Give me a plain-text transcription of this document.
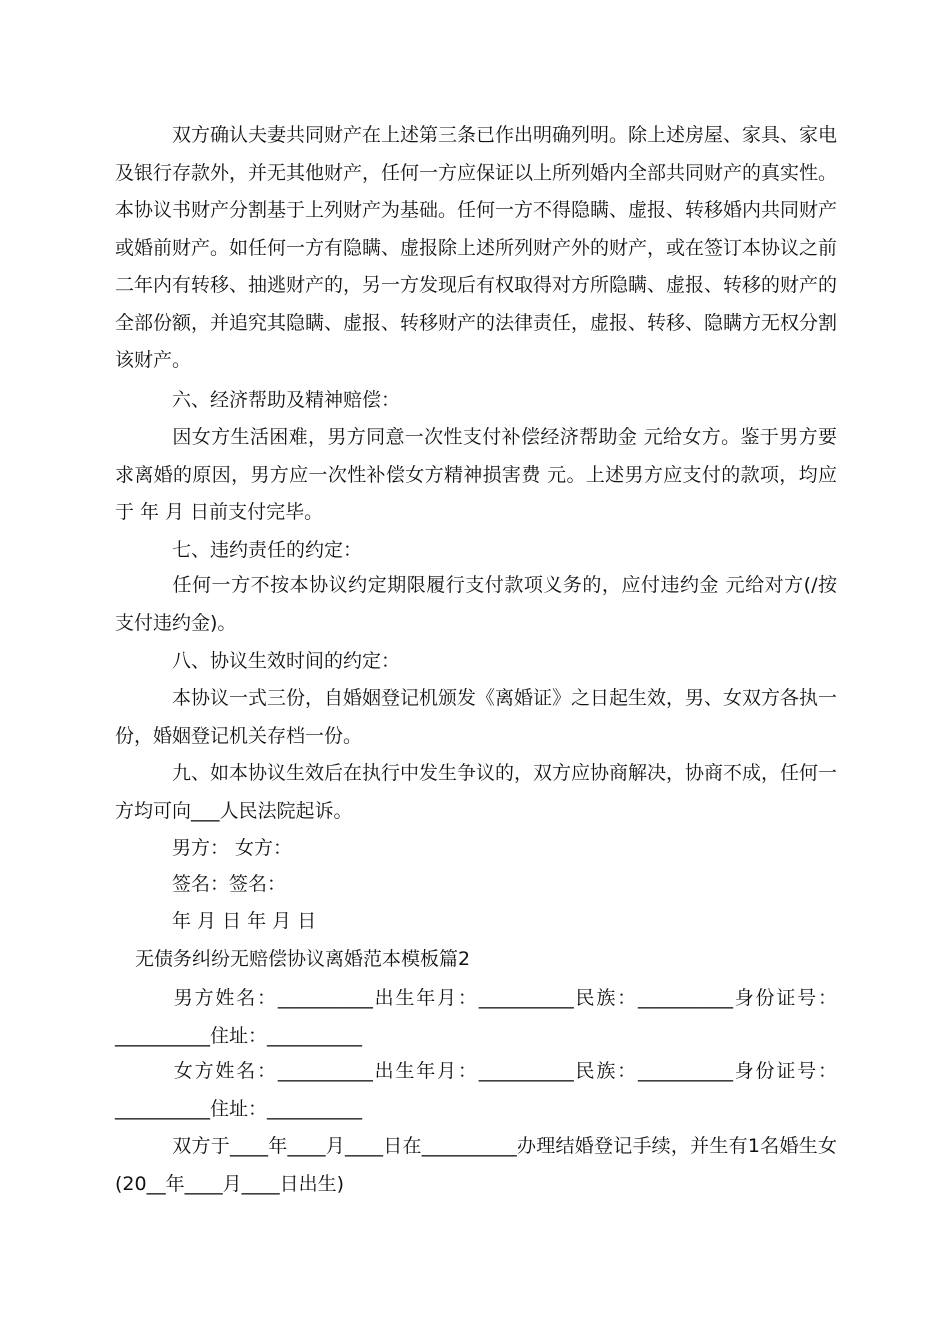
双方确认夫妻共同财产在上述第三条已作出明确列明。除上述房屋、家具、家电及银行存款外，并无其他财产，任何一方应保证以上所列婚内全部共同财产的真实性。本协议书财产分割基于上列财产为基础。任何一方不得隐瞒、虚报、转移婚内共同财产或婚前财产。如任何一方有隐瞒、虚报除上述所列财产外的财产，或在签订本协议之前 二年内有转移、抽逃财产的，另一方发现后有权取得对方所隐瞒、虚报、转移的财产的全部份额，并追究其隐瞒、虚报、转移财产的法律责任，虚报、转移、隐瞒方无权分割该财产。

六、经济帮助及精神赔偿：

因女方生活困难，男方同意一次性支付补偿经济帮助金 元给女方。鉴于男方要求离婚的原因，男方应一次性补偿女方精神损害费 元。上述男方应支付的款项，均应于 年 月 日前支付完毕。

七、违约责任的约定：

任何一方不按本协议约定期限履行支付款项义务的，应付违约金 元给对方(/按支付违约金)。

八、协议生效时间的约定：

本协议一式三份，自婚姻登记机颁发《离婚证》之日起生效，男、女双方各执一份，婚姻登记机关存档一份。

九、如本协议生效后在执行中发生争议的，双方应协商解决，协商不成，任何一方均可向___人民法院起诉。

男方： 女方：

签名：签名：

年 月 日 年 月 日

无债务纠纷无赔偿协议离婚范本模板篇2

男方姓名：__________出生年月：__________民族：__________身份证号：__________住址：__________

女方姓名：__________出生年月：__________民族：__________身份证号：__________住址：__________

双方于____年____月____日在__________办理结婚登记手续，并生有1名婚生女(20__年____月____日出生)
